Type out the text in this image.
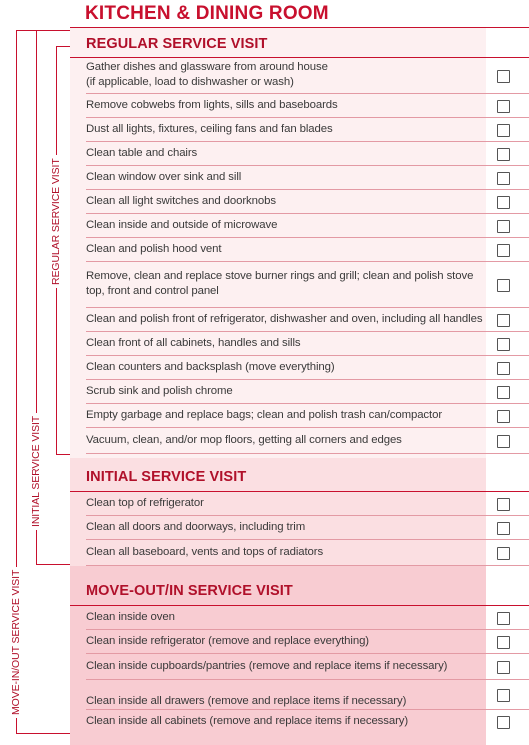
KITCHEN & DINING ROOM
REGULAR SERVICE VISIT
INITIAL SERVICE VISIT
MOVE-OUT/IN SERVICE VISIT
Gather dishes and glassware from around house
(if applicable, load to dishwasher or wash)
Remove cobwebs from lights, sills and baseboards
Dust all lights, fixtures, ceiling fans and fan blades
Clean table and chairs
Clean window over sink and sill
Clean all light switches and doorknobs
Clean inside and outside of microwave
Clean and polish hood vent
Remove, clean and replace stove burner rings and grill; clean and polish stove
top, front and control panel
Clean and polish front of refrigerator, dishwasher and oven, including all handles
Clean front of all cabinets, handles and sills
Clean counters and backsplash (move everything)
Scrub sink and polish chrome
Empty garbage and replace bags; clean and polish trash can/compactor
Vacuum, clean, and/or mop floors, getting all corners and edges
Clean top of refrigerator
Clean all doors and doorways, including trim
Clean all baseboard, vents and tops of radiators
Clean inside oven
Clean inside refrigerator (remove and replace everything)
Clean inside cupboards/pantries (remove and replace items if necessary)
Clean inside all drawers (remove and replace items if necessary)
Clean inside all cabinets (remove and replace items if necessary)
REGULAR SERVICE VISIT
INITIAL SERVICE VISIT
MOVE-IN/OUT SERVICE VISIT
